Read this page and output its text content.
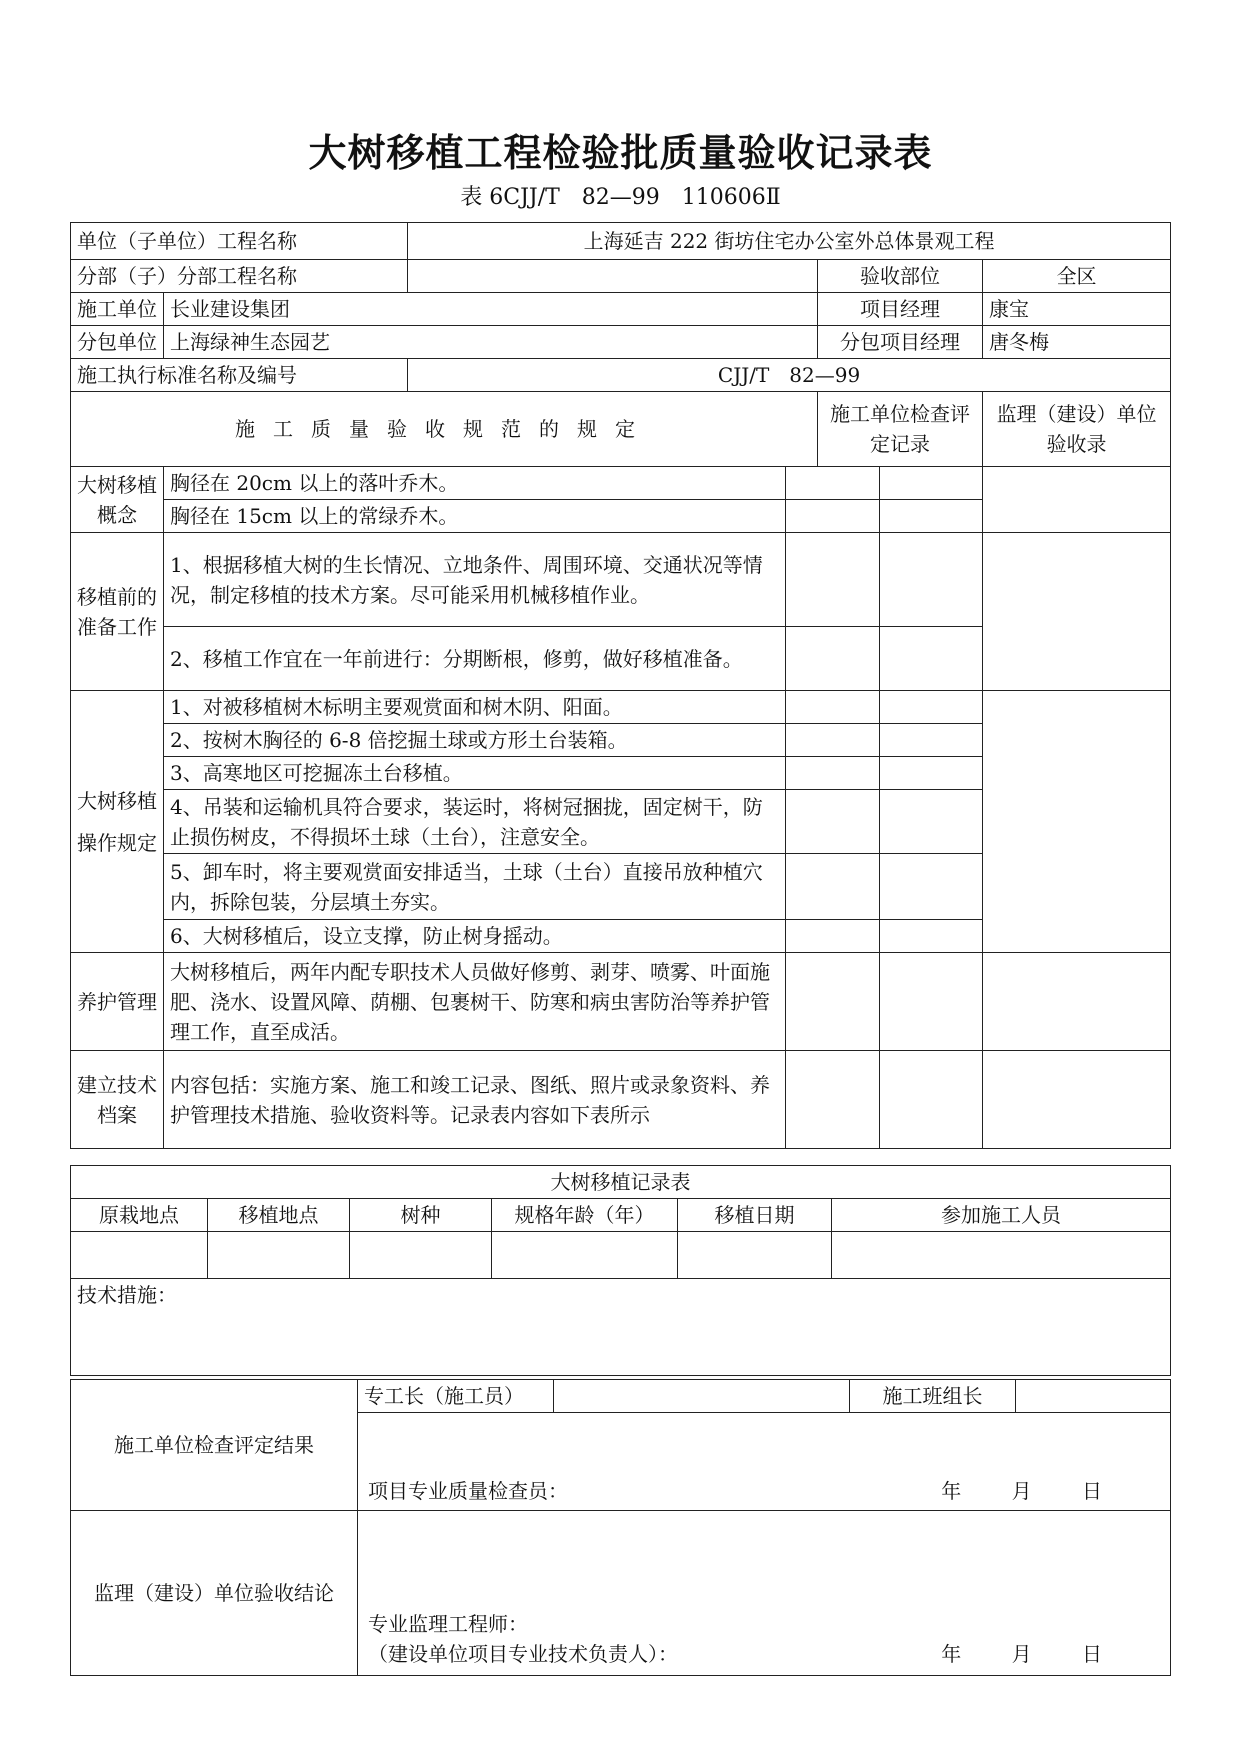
大树移植工程检验批质量验收记录表

表 6CJJ/T　82—99　110606Ⅱ

单位（子单位）工程名称		上海延吉 222 街坊住宅办公室外总体景观工程				
分部（子）分部工程名称				验收部位		全区
施工单位	长业建设集团			项目经理		康宝
分包单位	上海绿神生态园艺			分包项目经理		唐冬梅
施工执行标准名称及编号		CJJ/T　82—99				
施工质量验收规范的规定				施工单位检查评定记录		监理（建设）单位验收录
大树移植概念	胸径在 20cm 以上的落叶乔木。					
	胸径在 15cm 以上的常绿乔木。					
移植前的准备工作	1、根据移植大树的生长情况、立地条件、周围环境、交通状况等情况，制定移植的技术方案。尽可能采用机械移植作业。					
	2、移植工作宜在一年前进行：分期断根，修剪，做好移植准备。					
大树移植操作规定	1、对被移植树木标明主要观赏面和树木阴、阳面。					
	2、按树木胸径的 6-8 倍挖掘土球或方形土台装箱。					
	3、高寒地区可挖掘冻土台移植。					
	4、吊装和运输机具符合要求，装运时，将树冠捆拢，固定树干，防止损伤树皮，不得损坏土球（土台），注意安全。					
	5、卸车时，将主要观赏面安排适当，土球（土台）直接吊放种植穴内，拆除包装，分层填土夯实。					
	6、大树移植后，设立支撑，防止树身摇动。					
养护管理	大树移植后，两年内配专职技术人员做好修剪、剥芽、喷雾、叶面施肥、浇水、设置风障、荫棚、包裹树干、防寒和病虫害防治等养护管理工作，直至成活。					
建立技术档案	内容包括：实施方案、施工和竣工记录、图纸、照片或录象资料、养护管理技术措施、验收资料等。记录表内容如下表所示					
大树移植记录表					
原栽地点	移植地点	树种	规格年龄（年）	移植日期	参加施工人员

技术措施：					
施工单位检查评定结果	专工长（施工员）		施工班组长	

	项目专业质量检查员： 年 月 日			

监理（建设）单位验收结论	专业监理工程师：
（建设单位项目专业技术负责人）： 年 月 日			
